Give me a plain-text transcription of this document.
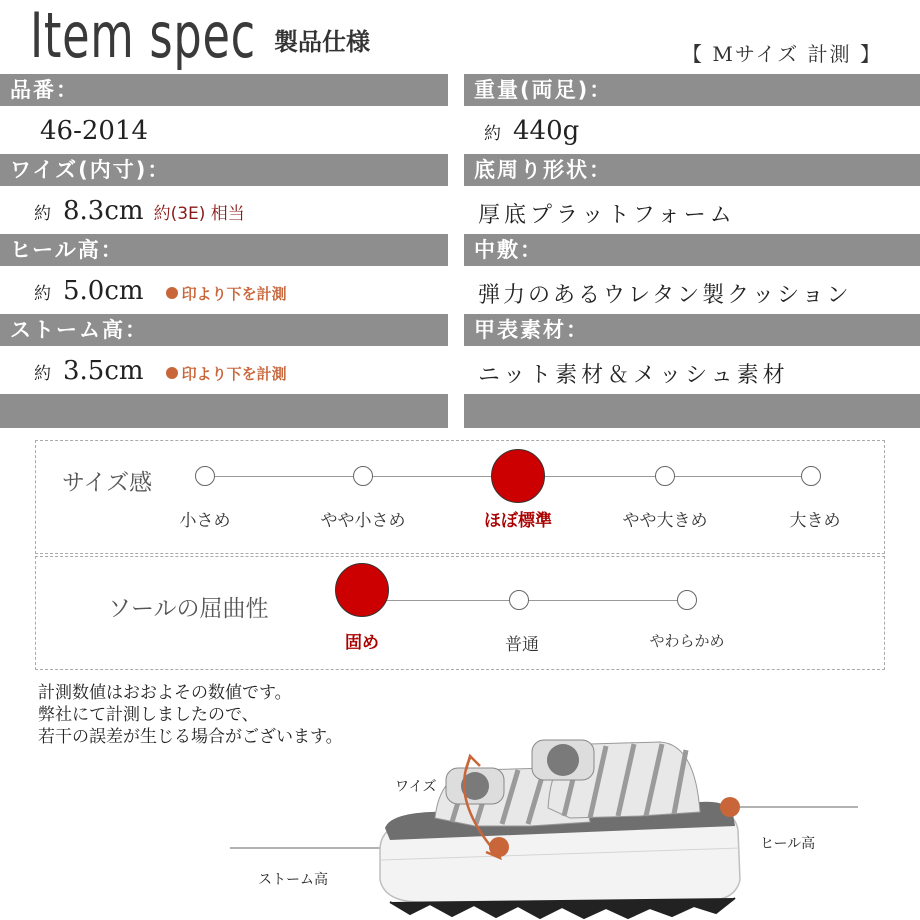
Item spec 製品仕様	【 Mサイズ 計測 】
品番：
46-2014
ワイズ(内寸)：
約 8.3cm 約(3E) 相当
ヒール高：
約 5.0cm	印より下を計測
ストーム高：
約 3.5cm	印より下を計測
重量(両足)：
約 440g
底周り形状：
厚底プラットフォーム
中敷：
弾力のあるウレタン製クッション
甲表素材：
ニット素材＆メッシュ素材
サイズ感
小さめ	やや小さめ	ほぼ標準	やや大きめ	大きめ
ソールの屈曲性
固め	普通	やわらかめ
計測数値はおおよその数値です。
弊社にて計測しましたので、
若干の誤差が生じる場合がございます。
ワイズ
ヒール高
ストーム高
